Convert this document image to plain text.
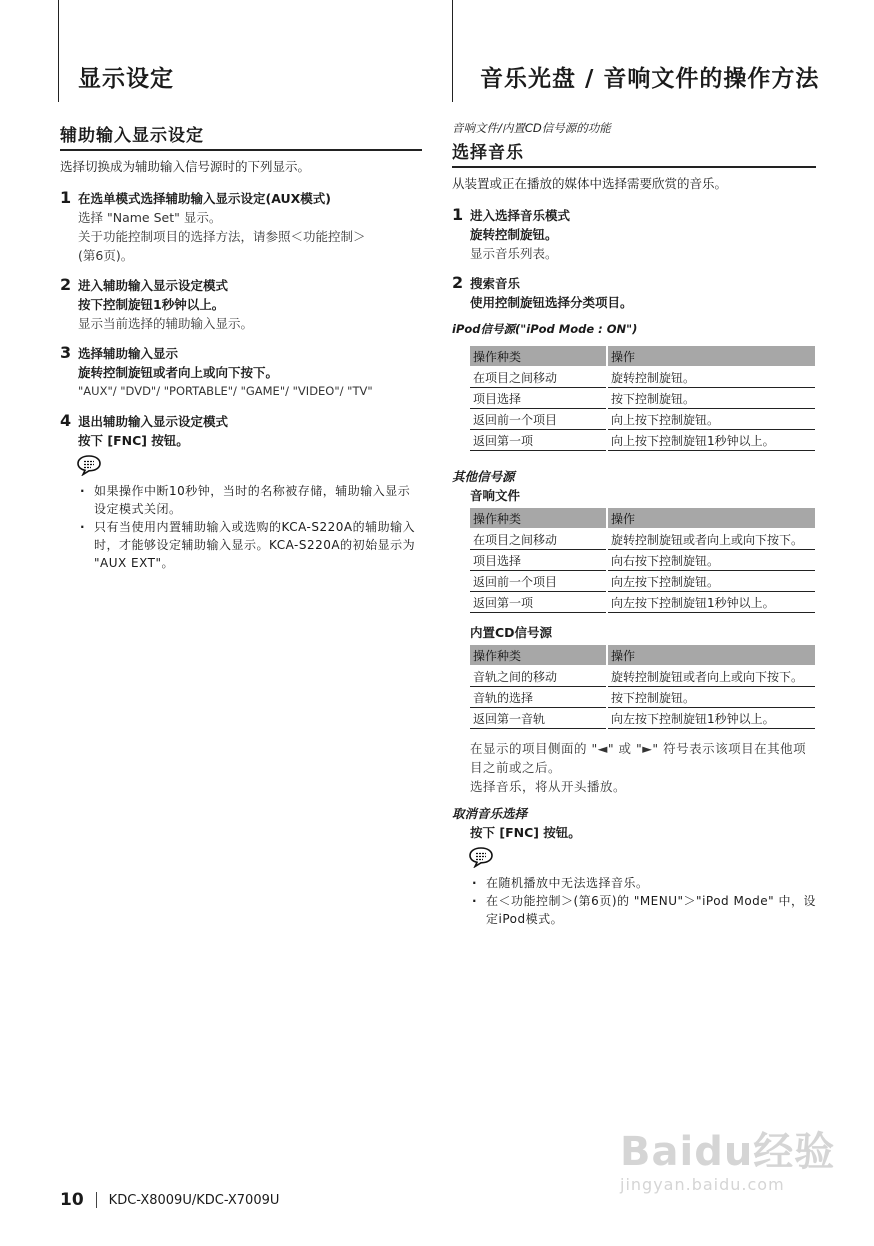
显示设定	音乐光盘 / 音响文件的操作方法
辅助输入显示设定
选择切换成为辅助输入信号源时的下列显示。
1 在选单模式选择辅助输入显示设定(AUX模式)
选择 "Name Set" 显示。
关于功能控制项目的选择方法，请参照＜功能控制＞
(第6页)。
2 进入辅助输入显示设定模式
按下控制旋钮1秒钟以上。
显示当前选择的辅助输入显示。
3 选择辅助输入显示
旋转控制旋钮或者向上或向下按下。
"AUX"/ "DVD"/ "PORTABLE"/ "GAME"/ "VIDEO"/ "TV"
4 退出辅助输入显示设定模式
按下 [FNC] 按钮。
· 如果操作中断10秒钟，当时的名称被存储，辅助输入显示设定模式关闭。
· 只有当使用内置辅助输入或选购的KCA-S220A的辅助输入时，才能够设定辅助输入显示。KCA-S220A的初始显示为 "AUX EXT"。
音响文件/内置CD信号源的功能
选择音乐
从装置或正在播放的媒体中选择需要欣赏的音乐。
1 进入选择音乐模式
旋转控制旋钮。
显示音乐列表。
2 搜索音乐
使用控制旋钮选择分类项目。
iPod信号源("iPod Mode : ON")
操作种类	操作
在项目之间移动	旋转控制旋钮。
项目选择	按下控制旋钮。
返回前一个项目	向上按下控制旋钮。
返回第一项	向上按下控制旋钮1秒钟以上。
其他信号源
音响文件
操作种类	操作
在项目之间移动	旋转控制旋钮或者向上或向下按下。
项目选择	向右按下控制旋钮。
返回前一个项目	向左按下控制旋钮。
返回第一项	向左按下控制旋钮1秒钟以上。
内置CD信号源
操作种类	操作
音轨之间的移动	旋转控制旋钮或者向上或向下按下。
音轨的选择	按下控制旋钮。
返回第一音轨	向左按下控制旋钮1秒钟以上。
在显示的项目侧面的 "◄" 或 "►" 符号表示该项目在其他项目之前或之后。
选择音乐，将从开头播放。
取消音乐选择
按下 [FNC] 按钮。
· 在随机播放中无法选择音乐。
· 在＜功能控制＞(第6页)的 "MENU"＞"iPod Mode" 中，设定iPod模式。
Baidu经验
jingyan.baidu.com
10 KDC-X8009U/KDC-X7009U
